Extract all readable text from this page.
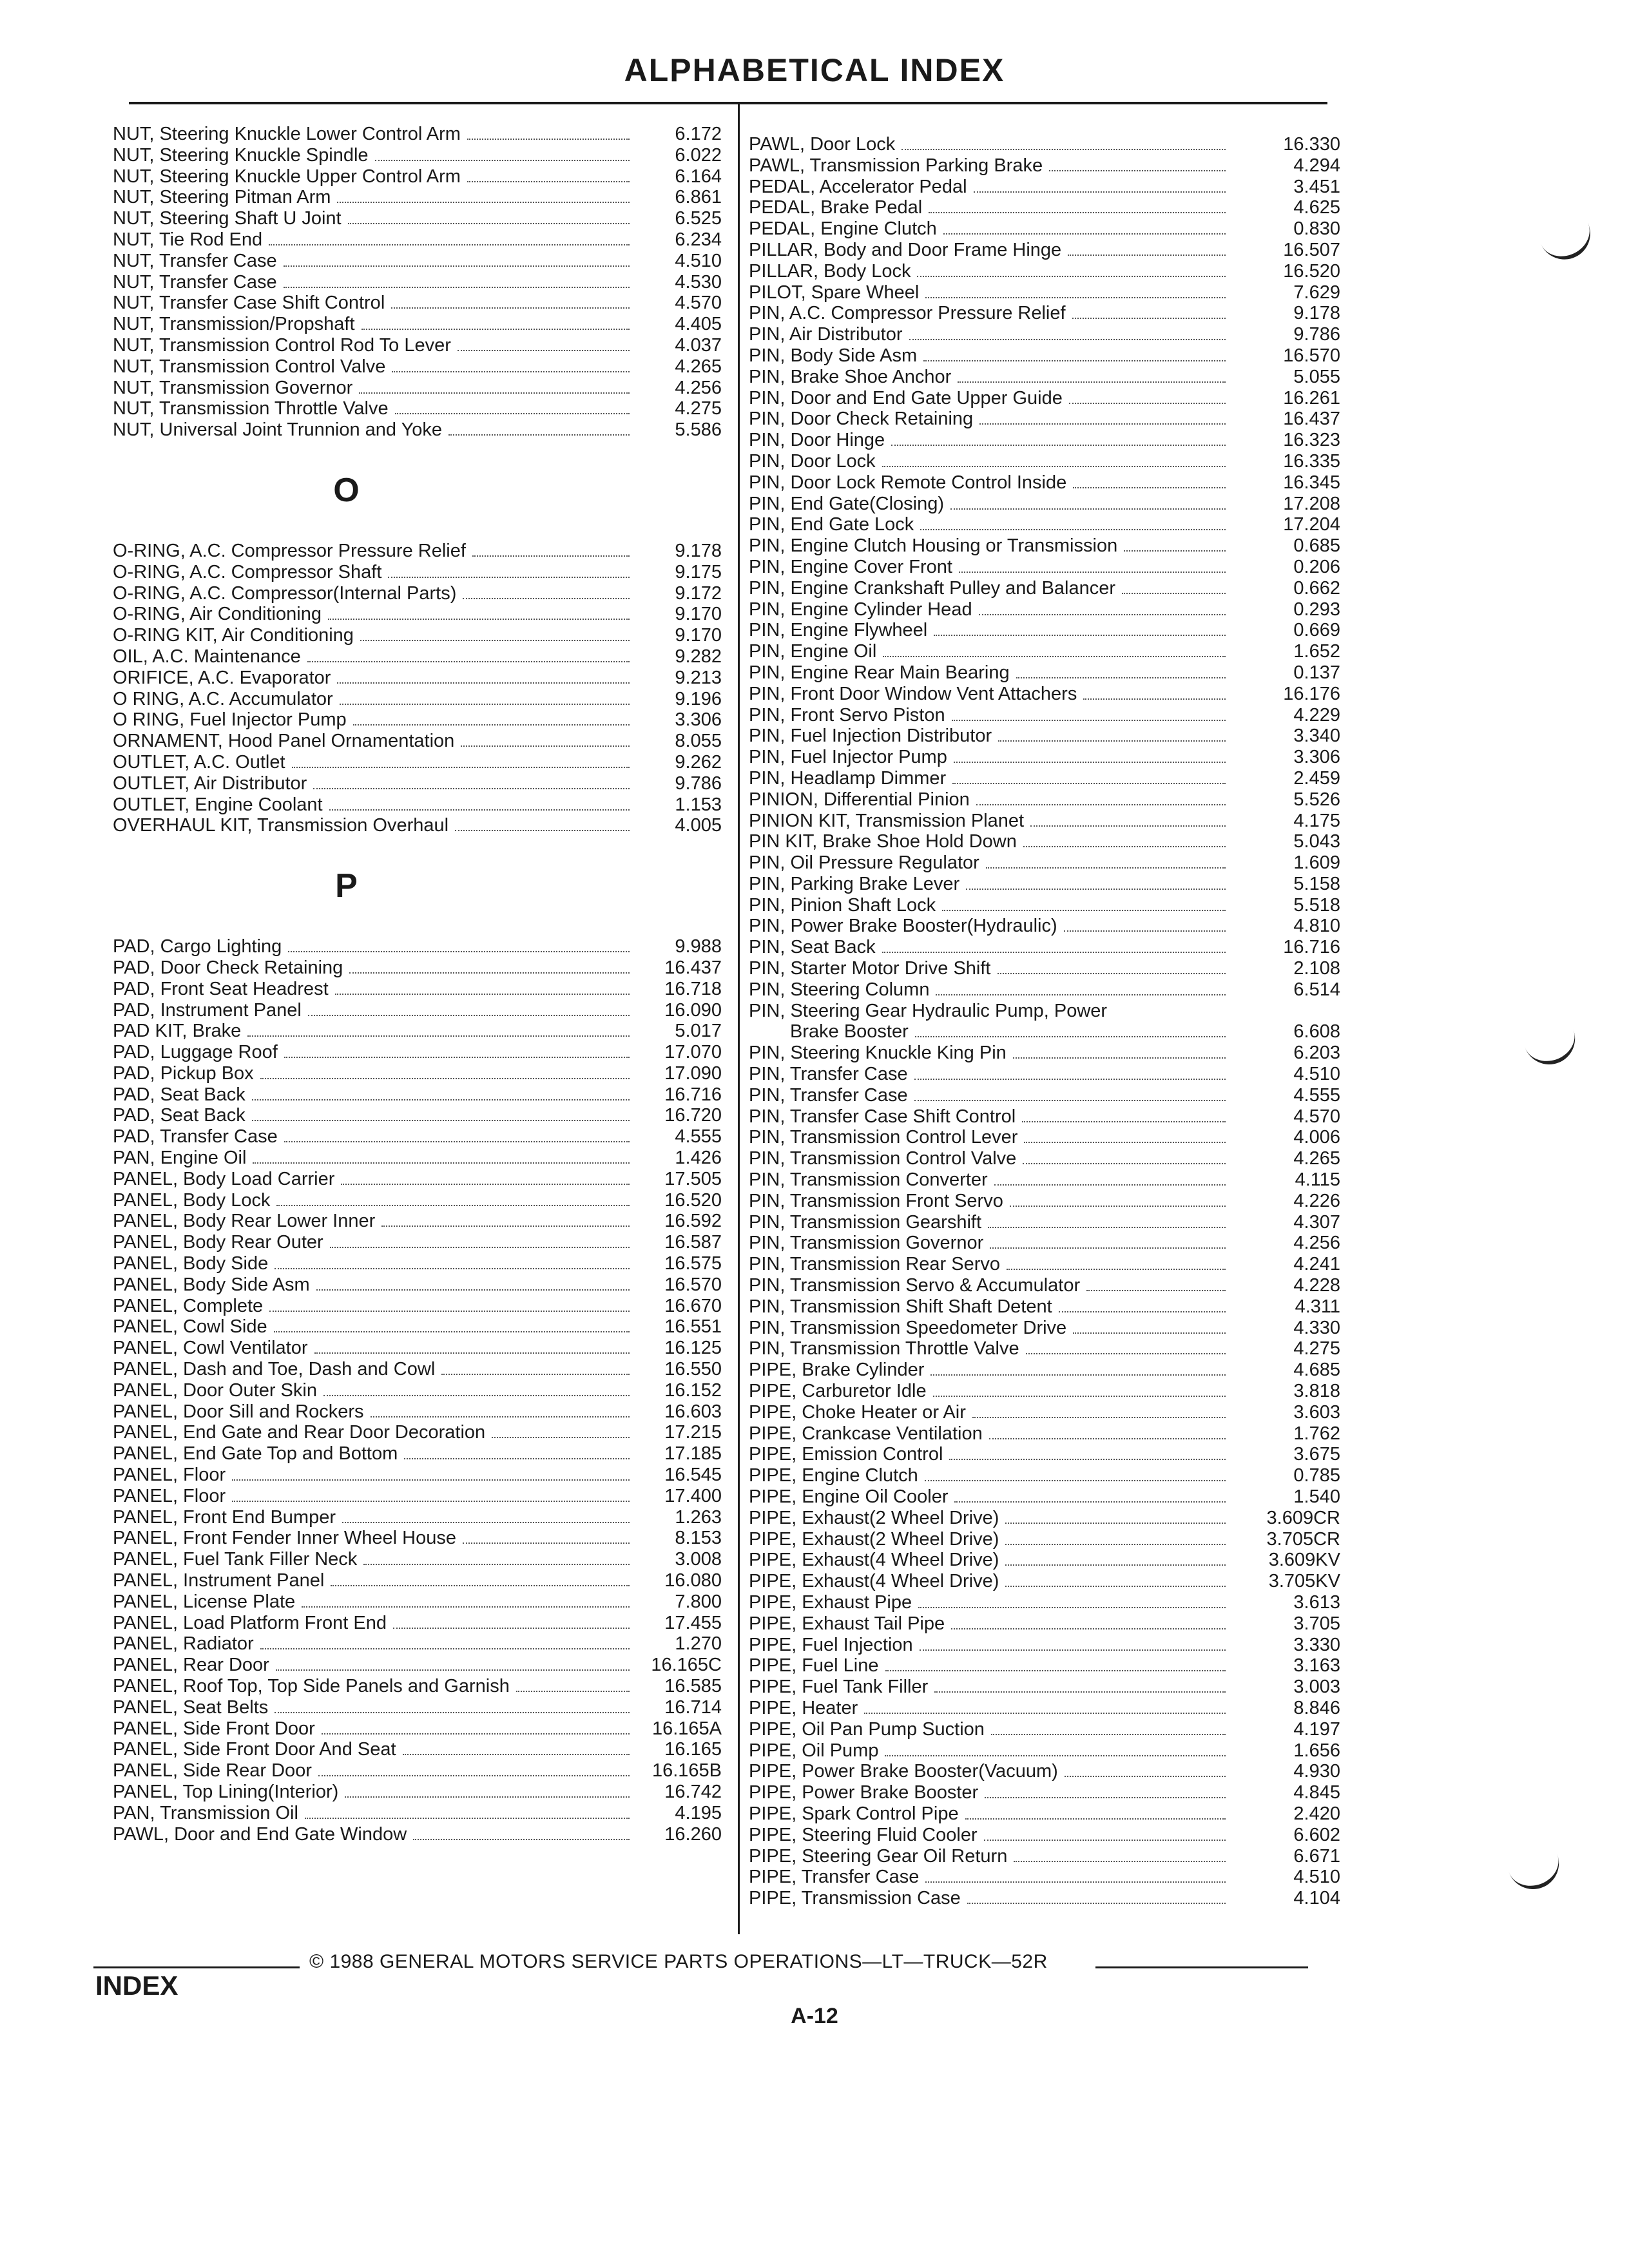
ALPHABETICAL INDEX
NUT, Steering Knuckle Lower Control Arm	6.172
NUT, Steering Knuckle Spindle	6.022
NUT, Steering Knuckle Upper Control Arm	6.164
NUT, Steering Pitman Arm	6.861
NUT, Steering Shaft U Joint	6.525
NUT, Tie Rod End	6.234
NUT, Transfer Case	4.510
NUT, Transfer Case	4.530
NUT, Transfer Case Shift Control	4.570
NUT, Transmission/Propshaft	4.405
NUT, Transmission Control Rod To Lever	4.037
NUT, Transmission Control Valve	4.265
NUT, Transmission Governor	4.256
NUT, Transmission Throttle Valve	4.275
NUT, Universal Joint Trunnion and Yoke	5.586
O
O-RING, A.C. Compressor Pressure Relief	9.178
O-RING, A.C. Compressor Shaft	9.175
O-RING, A.C. Compressor(Internal Parts)	9.172
O-RING, Air Conditioning	9.170
O-RING KIT, Air Conditioning	9.170
OIL, A.C. Maintenance	9.282
ORIFICE, A.C. Evaporator	9.213
O RING, A.C. Accumulator	9.196
O RING, Fuel Injector Pump	3.306
ORNAMENT, Hood Panel Ornamentation	8.055
OUTLET, A.C. Outlet	9.262
OUTLET, Air Distributor	9.786
OUTLET, Engine Coolant	1.153
OVERHAUL KIT, Transmission Overhaul	4.005
P
PAD, Cargo Lighting	9.988
PAD, Door Check Retaining	16.437
PAD, Front Seat Headrest	16.718
PAD, Instrument Panel	16.090
PAD KIT, Brake	5.017
PAD, Luggage Roof	17.070
PAD, Pickup Box	17.090
PAD, Seat Back	16.716
PAD, Seat Back	16.720
PAD, Transfer Case	4.555
PAN, Engine Oil	1.426
PANEL, Body Load Carrier	17.505
PANEL, Body Lock	16.520
PANEL, Body Rear Lower Inner	16.592
PANEL, Body Rear Outer	16.587
PANEL, Body Side	16.575
PANEL, Body Side Asm	16.570
PANEL, Complete	16.670
PANEL, Cowl Side	16.551
PANEL, Cowl Ventilator	16.125
PANEL, Dash and Toe, Dash and Cowl	16.550
PANEL, Door Outer Skin	16.152
PANEL, Door Sill and Rockers	16.603
PANEL, End Gate and Rear Door Decoration	17.215
PANEL, End Gate Top and Bottom	17.185
PANEL, Floor	16.545
PANEL, Floor	17.400
PANEL, Front End Bumper	1.263
PANEL, Front Fender Inner Wheel House	8.153
PANEL, Fuel Tank Filler Neck	3.008
PANEL, Instrument Panel	16.080
PANEL, License Plate	7.800
PANEL, Load Platform Front End	17.455
PANEL, Radiator	1.270
PANEL, Rear Door	16.165C
PANEL, Roof Top, Top Side Panels and Garnish	16.585
PANEL, Seat Belts	16.714
PANEL, Side Front Door	16.165A
PANEL, Side Front Door And Seat	16.165
PANEL, Side Rear Door	16.165B
PANEL, Top Lining(Interior)	16.742
PAN, Transmission Oil	4.195
PAWL, Door and End Gate Window	16.260
PAWL, Door Lock	16.330
PAWL, Transmission Parking Brake	4.294
PEDAL, Accelerator Pedal	3.451
PEDAL, Brake Pedal	4.625
PEDAL, Engine Clutch	0.830
PILLAR, Body and Door Frame Hinge	16.507
PILLAR, Body Lock	16.520
PILOT, Spare Wheel	7.629
PIN, A.C. Compressor Pressure Relief	9.178
PIN, Air Distributor	9.786
PIN, Body Side Asm	16.570
PIN, Brake Shoe Anchor	5.055
PIN, Door and End Gate Upper Guide	16.261
PIN, Door Check Retaining	16.437
PIN, Door Hinge	16.323
PIN, Door Lock	16.335
PIN, Door Lock Remote Control Inside	16.345
PIN, End Gate(Closing)	17.208
PIN, End Gate Lock	17.204
PIN, Engine Clutch Housing or Transmission	0.685
PIN, Engine Cover Front	0.206
PIN, Engine Crankshaft Pulley and Balancer	0.662
PIN, Engine Cylinder Head	0.293
PIN, Engine Flywheel	0.669
PIN, Engine Oil	1.652
PIN, Engine Rear Main Bearing	0.137
PIN, Front Door Window Vent Attachers	16.176
PIN, Front Servo Piston	4.229
PIN, Fuel Injection Distributor	3.340
PIN, Fuel Injector Pump	3.306
PIN, Headlamp Dimmer	2.459
PINION, Differential Pinion	5.526
PINION KIT, Transmission Planet	4.175
PIN KIT, Brake Shoe Hold Down	5.043
PIN, Oil Pressure Regulator	1.609
PIN, Parking Brake Lever	5.158
PIN, Pinion Shaft Lock	5.518
PIN, Power Brake Booster(Hydraulic)	4.810
PIN, Seat Back	16.716
PIN, Starter Motor Drive Shift	2.108
PIN, Steering Column	6.514
PIN, Steering Gear Hydraulic Pump, Power
Brake Booster	6.608
PIN, Steering Knuckle King Pin	6.203
PIN, Transfer Case	4.510
PIN, Transfer Case	4.555
PIN, Transfer Case Shift Control	4.570
PIN, Transmission Control Lever	4.006
PIN, Transmission Control Valve	4.265
PIN, Transmission Converter	4.115
PIN, Transmission Front Servo	4.226
PIN, Transmission Gearshift	4.307
PIN, Transmission Governor	4.256
PIN, Transmission Rear Servo	4.241
PIN, Transmission Servo & Accumulator	4.228
PIN, Transmission Shift Shaft Detent	4.311
PIN, Transmission Speedometer Drive	4.330
PIN, Transmission Throttle Valve	4.275
PIPE, Brake Cylinder	4.685
PIPE, Carburetor Idle	3.818
PIPE, Choke Heater or Air	3.603
PIPE, Crankcase Ventilation	1.762
PIPE, Emission Control	3.675
PIPE, Engine Clutch	0.785
PIPE, Engine Oil Cooler	1.540
PIPE, Exhaust(2 Wheel Drive)	3.609CR
PIPE, Exhaust(2 Wheel Drive)	3.705CR
PIPE, Exhaust(4 Wheel Drive)	3.609KV
PIPE, Exhaust(4 Wheel Drive)	3.705KV
PIPE, Exhaust Pipe	3.613
PIPE, Exhaust Tail Pipe	3.705
PIPE, Fuel Injection	3.330
PIPE, Fuel Line	3.163
PIPE, Fuel Tank Filler	3.003
PIPE, Heater	8.846
PIPE, Oil Pan Pump Suction	4.197
PIPE, Oil Pump	1.656
PIPE, Power Brake Booster(Vacuum)	4.930
PIPE, Power Brake Booster	4.845
PIPE, Spark Control Pipe	2.420
PIPE, Steering Fluid Cooler	6.602
PIPE, Steering Gear Oil Return	6.671
PIPE, Transfer Case	4.510
PIPE, Transmission Case	4.104
© 1988 GENERAL MOTORS SERVICE PARTS OPERATIONS—LT—TRUCK—52R
INDEX
A-12
